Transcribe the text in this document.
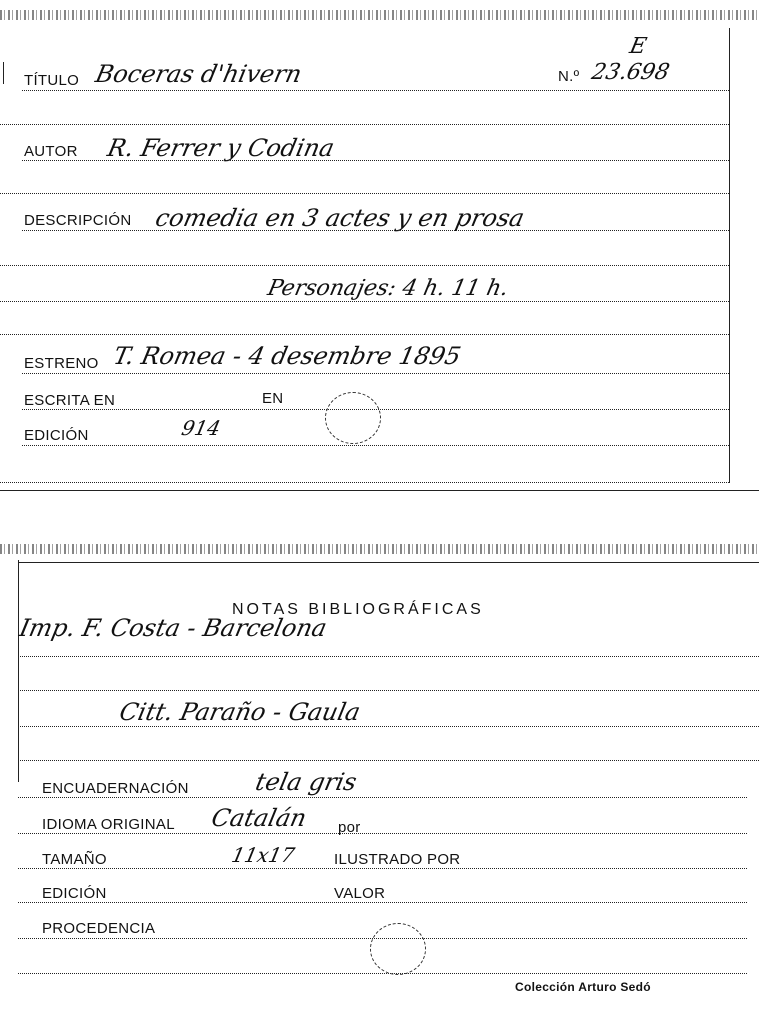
TÍTULO Boceras d'hivern	N.º 23.698
E
AUTOR R. Ferrer y Codina
DESCRIPCIÓN comedia en 3 actes y en prosa
Personajes: 4 h. 11 h.
ESTRENO T. Romea - 4 desembre 1895
ESCRITA EN	EN
EDICIÓN	914
NOTAS BIBLIOGRÁFICAS
Imp. F. Costa - Barcelona
Citt. Paraño - Gaula
ENCUADERNACIÓN	tela gris
IDIOMA ORIGINAL Catalán por
TAMAÑO	11x17 ILUSTRADO POR
EDICIÓN	VALOR
PROCEDENCIA
Colección Arturo Sedó
